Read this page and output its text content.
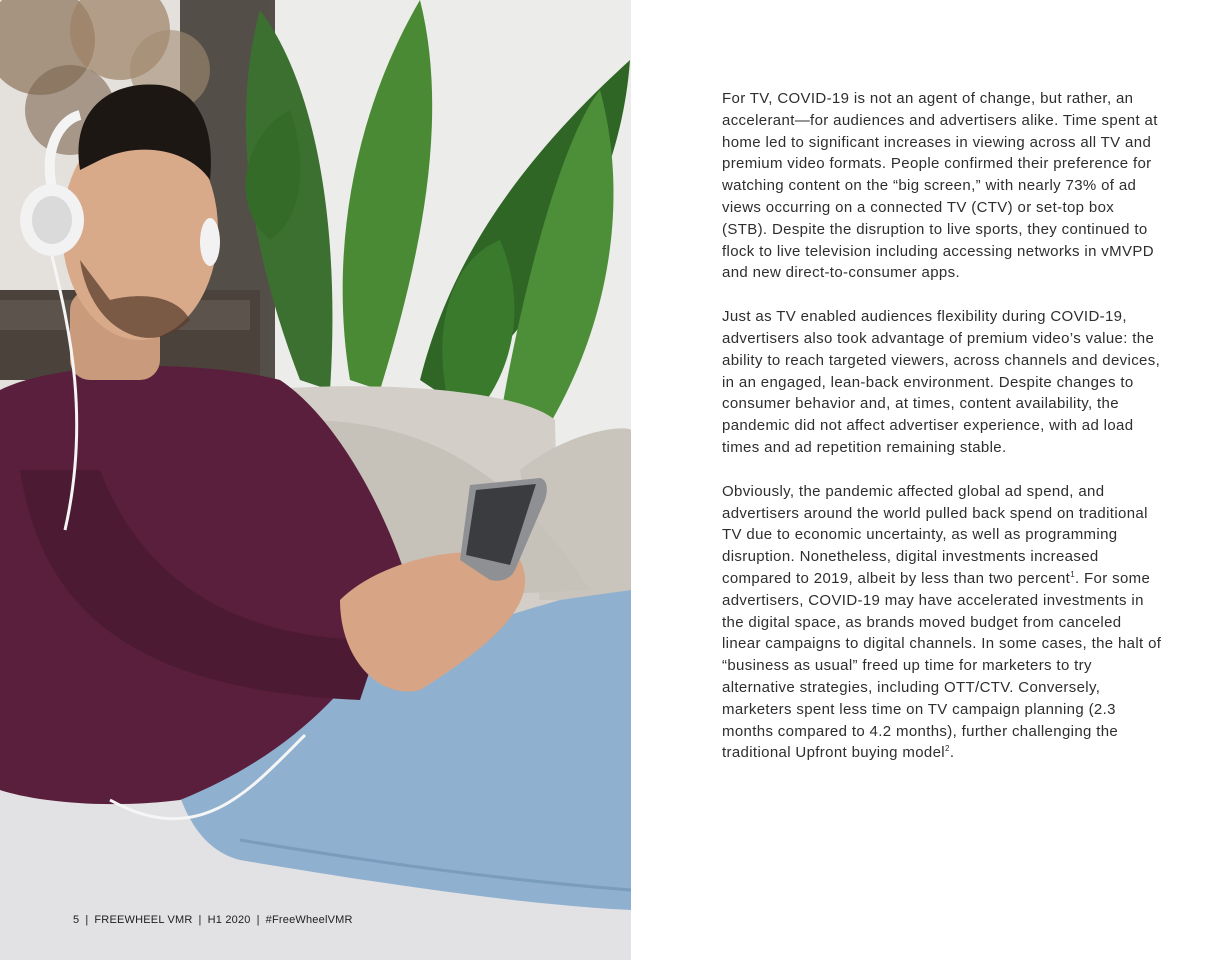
5 | FREEWHEEL VMR | H1 2020 | #FreeWheelVMR

For TV, COVID-19 is not an agent of change, but rather, an accelerant—for audiences and advertisers alike. Time spent at home led to significant increases in viewing across all TV and premium video formats. People confirmed their preference for watching content on the “big screen,” with nearly 73% of ad views occurring on a connected TV (CTV) or set-top box (STB). Despite the disruption to live sports, they continued to flock to live television including accessing networks in vMVPD and new direct-to-consumer apps.

Just as TV enabled audiences flexibility during COVID-19, advertisers also took advantage of premium video’s value: the ability to reach targeted viewers, across channels and devices, in an engaged, lean-back environment. Despite changes to consumer behavior and, at times, content availability, the pandemic did not affect advertiser experience, with ad load times and ad repetition remaining stable.

Obviously, the pandemic affected global ad spend, and advertisers around the world pulled back spend on traditional TV due to economic uncertainty, as well as programming disruption. Nonetheless, digital investments increased compared to 2019, albeit by less than two percent$^1$. For some advertisers, COVID-19 may have accelerated investments in the digital space, as brands moved budget from canceled linear campaigns to digital channels. In some cases, the halt of “business as usual” freed up time for marketers to try alternative strategies, including OTT/CTV. Conversely, marketers spent less time on TV campaign planning (2.3 months compared to 4.2 months), further challenging the traditional Upfront buying model$^2$.
